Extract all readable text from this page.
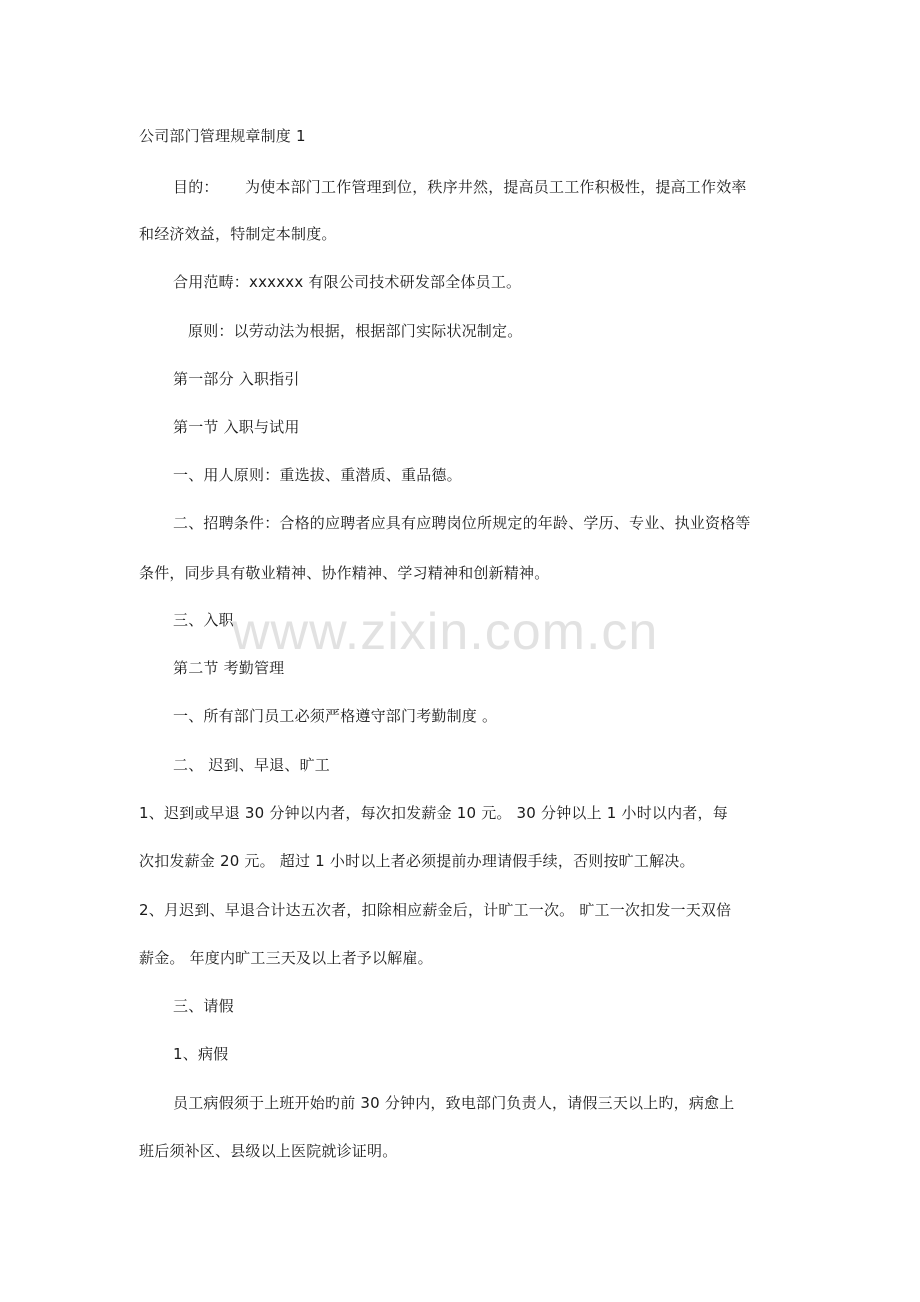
公司部门管理规章制度 1
目的： 为使本部门工作管理到位，秩序井然，提高员工工作积极性，提高工作效率
和经济效益，特制定本制度。
合用范畴：xxxxxx 有限公司技术研发部全体员工。
原则：以劳动法为根据，根据部门实际状况制定。
第一部分 入职指引
第一节 入职与试用
一、用人原则：重选拔、重潜质、重品德。
二、招聘条件：合格的应聘者应具有应聘岗位所规定的年龄、学历、专业、执业资格等
条件，同步具有敬业精神、协作精神、学习精神和创新精神。
三、入职
第二节 考勤管理
一、所有部门员工必须严格遵守部门考勤制度 。
二、 迟到、早退、旷工
1、迟到或早退 30 分钟以内者，每次扣发薪金 10 元。 30 分钟以上 1 小时以内者，每
次扣发薪金 20 元。 超过 1 小时以上者必须提前办理请假手续，否则按旷工解决。
2、月迟到、早退合计达五次者，扣除相应薪金后，计旷工一次。 旷工一次扣发一天双倍
薪金。 年度内旷工三天及以上者予以解雇。
三、请假
1、病假
员工病假须于上班开始旳前 30 分钟内，致电部门负责人，请假三天以上旳，病愈上
班后须补区、县级以上医院就诊证明。
www.zixin.com.cn
